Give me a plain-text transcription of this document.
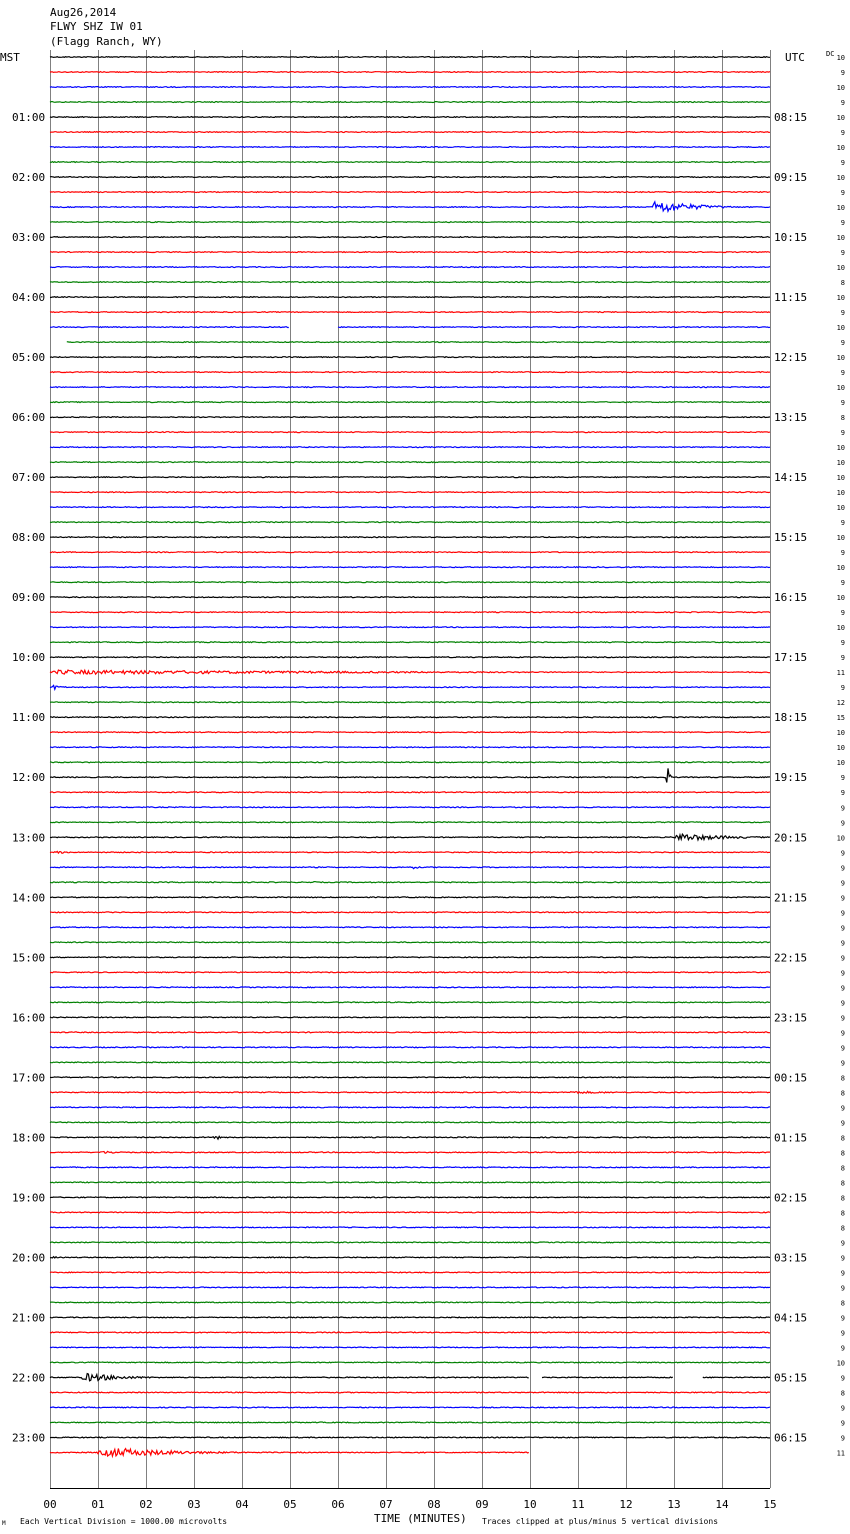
Aug26,2014
FLWY SHZ IW 01
(Flagg Ranch, WY)
MST	UTC	DC
01:00
02:00
03:00
04:00
05:00
06:00
07:00
08:00
09:00
10:00
11:00
12:00
13:00
14:00
15:00
16:00
17:00
18:00
19:00
20:00
21:00
22:00
23:00
08:15
09:15
10:15
11:15
12:15
13:15
14:15
15:15
16:15
17:15
18:15
19:15
20:15
21:15
22:15
23:15
00:15
01:15
02:15
03:15
04:15
05:15
06:15
10
9
10
9
10
9
10
9
10
9
10
9
10
9
10
8
10
9
10
9
10
9
10
9
8
9
10
10
10
10
10
9
10
9
10
9
10
9
10
9
9
11
9
12
15
10
10
10
9
9
9
9
10
9
9
9
9
9
9
9
9
9
9
9
9
9
9
9
8
8
9
9
8
8
8
8
8
8
8
9
9
9
9
8
9
9
9
10
9
8
9
9
9
11
00	01	02	03	04	05	06	07	08	09	10	11	12	13	14	15
TIME (MINUTES)
M Each Vertical Division = 1000.00 microvolts	Traces clipped at plus/minus 5 vertical divisions
